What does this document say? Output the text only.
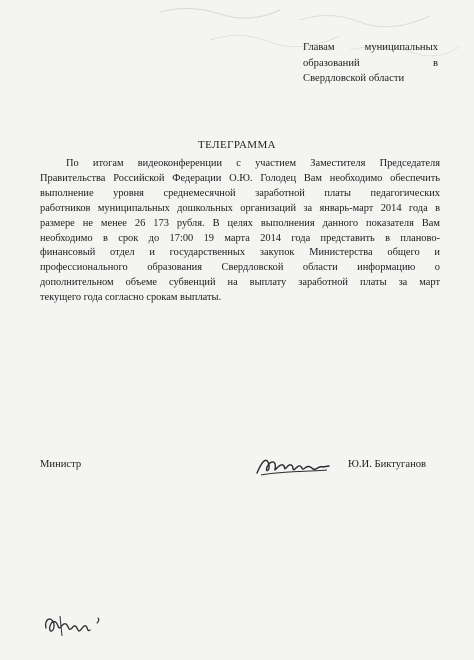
Главам	муниципальных
образований	в
Свердловской области
ТЕЛЕГРАММА
По итогам видеоконференции с участием Заместителя Председателя
Правительства Российской Федерации О.Ю. Голодец Вам необходимо обеспечить
выполнение уровня среднемесячной заработной платы педагогических
работников муниципальных дошкольных организаций за январь-март 2014 года в
размере не менее 26 173 рубля. В целях выполнения данного показателя Вам
необходимо в срок до 17:00 19 марта 2014 года представить в планово-
финансовый отдел и государственных закупок Министерства общего и
профессионального образования Свердловской области информацию о
дополнительном объеме субвенций на выплату заработной платы за март
текущего года согласно срокам выплаты.
Министр	Ю.И. Биктуганов
